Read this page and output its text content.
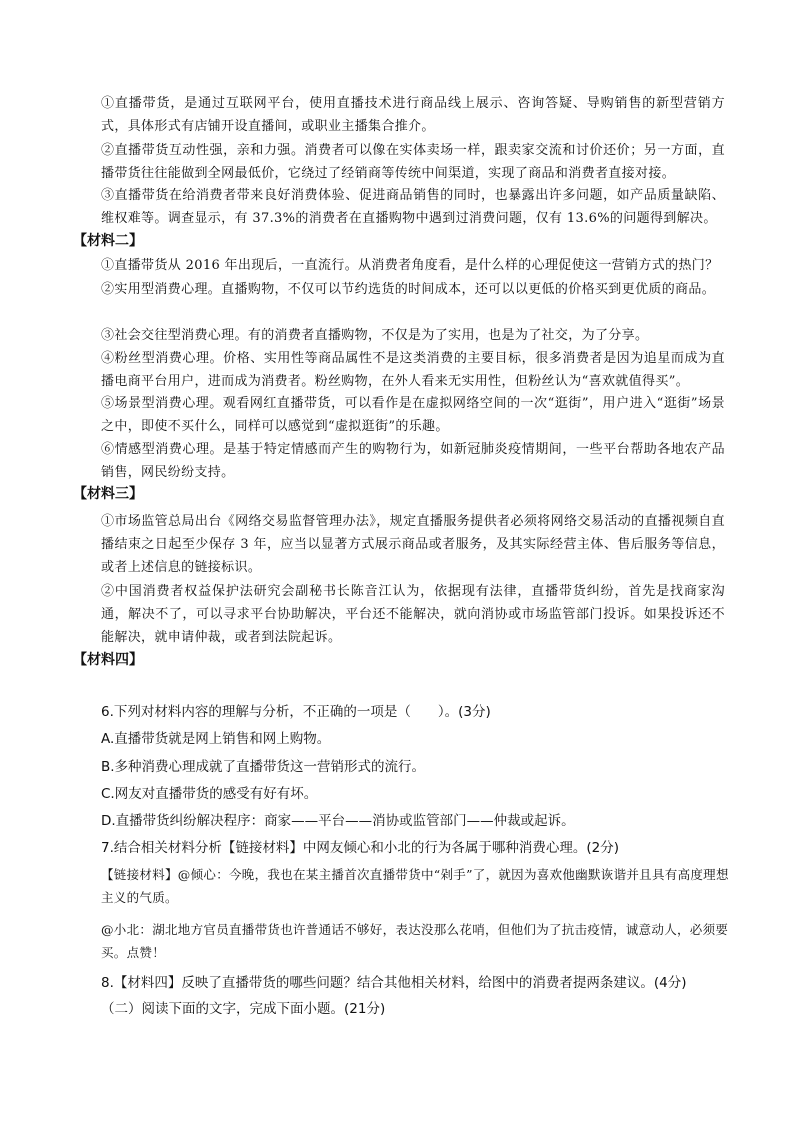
①直播带货，是通过互联网平台，使用直播技术进行商品线上展示、咨询答疑、导购销售的新型营销方式，具体形式有店铺开设直播间，或职业主播集合推介。
②直播带货互动性强，亲和力强。消费者可以像在实体卖场一样，跟卖家交流和讨价还价；另一方面，直播带货往往能做到全网最低价，它绕过了经销商等传统中间渠道，实现了商品和消费者直接对接。
③直播带货在给消费者带来良好消费体验、促进商品销售的同时，也暴露出许多问题，如产品质量缺陷、维权难等。调查显示，有 37.3%的消费者在直播购物中遇到过消费问题，仅有 13.6%的问题得到解决。
【材料二】
①直播带货从 2016 年出现后，一直流行。从消费者角度看，是什么样的心理促使这一营销方式的热门？
②实用型消费心理。直播购物，不仅可以节约选货的时间成本，还可以以更低的价格买到更优质的商品。
③社会交往型消费心理。有的消费者直播购物，不仅是为了实用，也是为了社交，为了分享。
④粉丝型消费心理。价格、实用性等商品属性不是这类消费的主要目标，很多消费者是因为追星而成为直播电商平台用户，进而成为消费者。粉丝购物，在外人看来无实用性，但粉丝认为“喜欢就值得买”。
⑤场景型消费心理。观看网红直播带货，可以看作是在虚拟网络空间的一次“逛街”，用户进入“逛街”场景之中，即使不买什么，同样可以感觉到“虚拟逛街”的乐趣。
⑥情感型消费心理。是基于特定情感而产生的购物行为，如新冠肺炎疫情期间，一些平台帮助各地农产品销售，网民纷纷支持。
【材料三】
①市场监管总局出台《网络交易监督管理办法》，规定直播服务提供者必须将网络交易活动的直播视频自直播结束之日起至少保存 3 年，应当以显著方式展示商品或者服务，及其实际经营主体、售后服务等信息，或者上述信息的链接标识。
②中国消费者权益保护法研究会副秘书长陈音江认为，依据现有法律，直播带货纠纷，首先是找商家沟通，解决不了，可以寻求平台协助解决，平台还不能解决，就向消协或市场监管部门投诉。如果投诉还不能解决，就申请仲裁，或者到法院起诉。
【材料四】
6.下列对材料内容的理解与分析，不正确的一项是（　　）。(3分)
A.直播带货就是网上销售和网上购物。
B.多种消费心理成就了直播带货这一营销形式的流行。
C.网友对直播带货的感受有好有坏。
D.直播带货纠纷解决程序：商家——平台——消协或监管部门——仲裁或起诉。
7.结合相关材料分析【链接材料】中网友倾心和小北的行为各属于哪种消费心理。(2分)
【链接材料】@倾心：今晚，我也在某主播首次直播带货中“剁手”了，就因为喜欢他幽默诙谐并且具有高度理想主义的气质。
@小北：湖北地方官员直播带货也许普通话不够好，表达没那么花哨，但他们为了抗击疫情，诚意动人，必须要买。点赞！
8.【材料四】反映了直播带货的哪些问题？结合其他相关材料，给图中的消费者提两条建议。(4分)
（二）阅读下面的文字，完成下面小题。(21分)
